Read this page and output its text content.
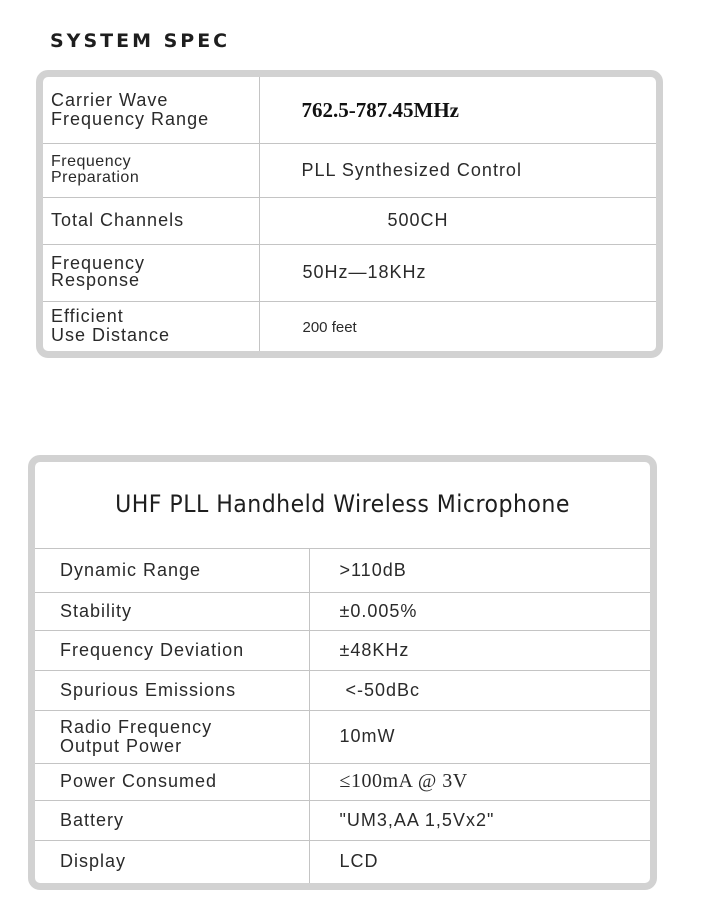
SYSTEM SPEC
Carrier Wave
Frequency Range	762.5-787.45MHz
Frequency
Preparation	PLL Synthesized Control
Total Channels	500CH
Frequency
Response	50Hz—18KHz
Efficient
Use Distance	200 feet
UHF PLL Handheld Wireless Microphone	
Dynamic Range	>110dB
Stability	±0.005%
Frequency Deviation	±48KHz
Spurious Emissions	<-50dBc
Radio Frequency
Output Power	10mW
Power Consumed	≤100mA @ 3V
Battery	"UM3,AA 1,5Vx2"
Display	LCD
